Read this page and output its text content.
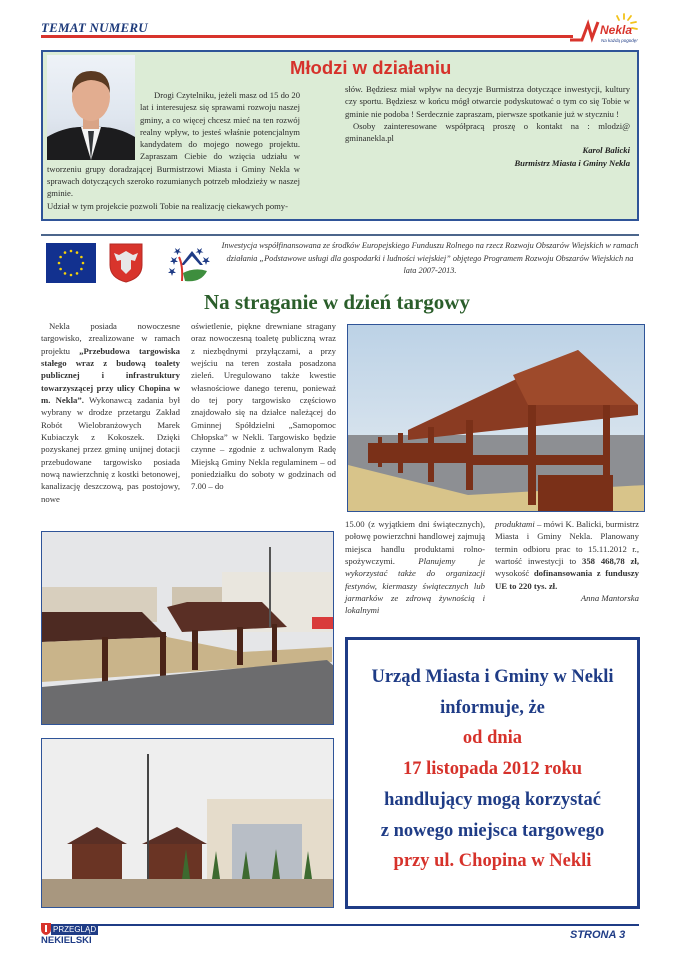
TEMAT NUMERU	Nekla
Na każdą pogodę!
Młodzi w działaniu
Drogi Czytelniku, jeżeli masz od 15 do 20 lat i interesujesz się sprawami rozwoju naszej gminy, a co więcej chcesz mieć na ten rozwój realny wpływ, to jesteś właśnie potencjalnym kandydatem do mojego nowego projektu. Zapraszam Ciebie do wzięcia udziału w tworzeniu grupy doradzającej Burmistrzowi Miasta i Gminy Nekla w sprawach dotyczących szeroko rozumianych potrzeb młodzieży w naszej gminie.
Udział w tym projekcie pozwoli Tobie na realizację ciekawych pomy-
słów. Będziesz miał wpływ na decyzje Burmistrza dotyczące inwestycji, kultury czy sportu. Będziesz w końcu mógł otwarcie podyskutować o tym co się Tobie w gminie nie podoba ! Serdecznie zapraszam, pierwsze spotkanie już w styczniu !
Osoby zainteresowane współpracą proszę o kontakt na : mlodzi@ gminanekla.pl
Karol Balicki
Burmistrz Miasta i Gminy Nekla
Inwestycja współfinansowana ze środków Europejskiego Funduszu Rolnego na rzecz Rozwoju Obszarów Wiejskich w ramach działania „Podstawowe usługi dla gospodarki i ludności wiejskiej” objętego Programem Rozwoju Obszarów Wiejskich na lata 2007-2013.
Na straganie w dzień targowy
Nekla posiada nowoczesne targowisko, zrealizowane w ramach projektu „Przebudowa targowiska stałego wraz z budową toalety publicznej i infrastruktury towarzyszącej przy ulicy Chopina w m. Nekla”. Wykonawcą zadania był wybrany w drodze przetargu Zakład Robót Wielobranżowych Marek Kubiaczyk z Kokoszek. Dzięki pozyskanej przez gminę unijnej dotacji przebudowane targowisko posiada nową nawierzchnię z kostki betonowej, kanalizację deszczową, pas postojowy, nowe
oświetlenie, piękne drewniane stragany oraz nowoczesną toaletę publiczną wraz z niezbędnymi przyłączami, a przy wejściu na teren została posadzona zieleń. Uregulowano także kwestie własnościowe danego terenu, ponieważ do tej pory targowisko częściowo znajdowało się na działce należącej do Gminnej Spółdzielni „Samopomoc Chłopska” w Nekli. Targowisko będzie czynne – zgodnie z uchwalonym Radę Miejską Gminy Nekla regulaminem – od poniedziałku do soboty w godzinach od 7.00 – do
15.00 (z wyjątkiem dni świątecznych), połowę powierzchni handlowej zajmują miejsca handlu produktami rolno-spożywczymi. Planujemy je wykorzystać także do organizacji festynów, kiermaszy świątecznych lub jarmarków ze zdrową żywnością i lokalnymi
produktami – mówi K. Balicki, burmistrz Miasta i Gminy Nekla. Planowany termin odbioru prac to 15.11.2012 r., wartość inwestycji to 358 468,78 zł, wysokość dofinansowania z funduszy UE to 220 tys. zł.
Anna Mantorska
Urząd Miasta i Gminy w Nekli
informuje, że
od dnia
17 listopada 2012 roku
handlujący mogą korzystać
z nowego miejsca targowego
przy ul. Chopina w Nekli
PRZEGLĄD
NEKIELSKI	STRONA 3
